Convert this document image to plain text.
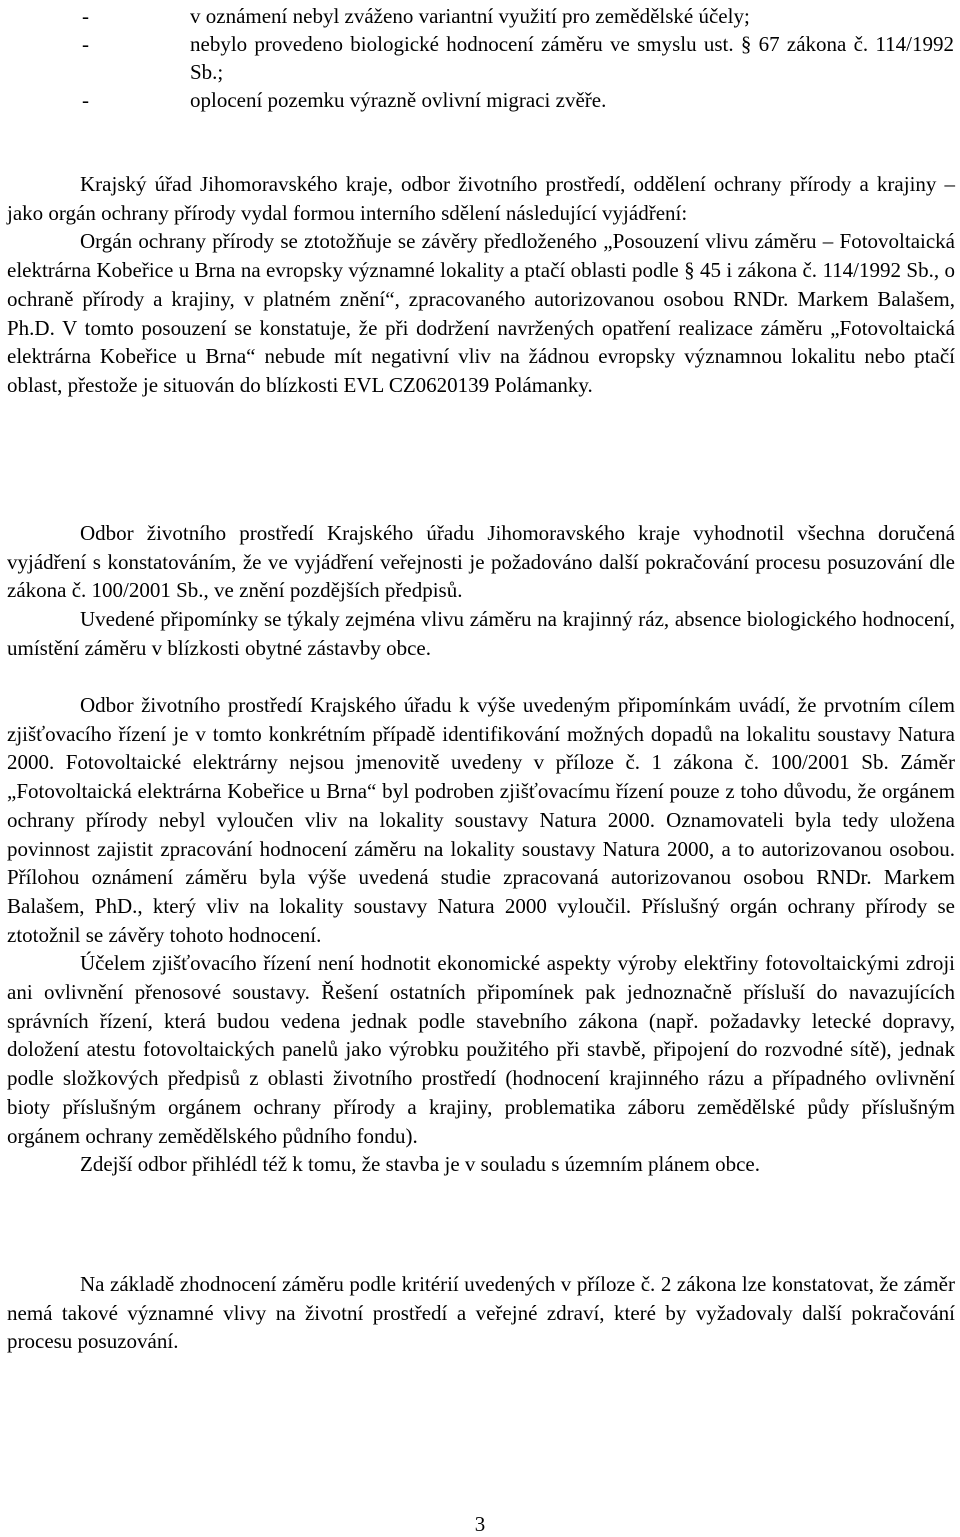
-	v oznámení nebyl zváženo variantní využití pro zemědělské účely;
-	nebylo provedeno biologické hodnocení záměru ve smyslu ust. § 67 zákona č. 114/1992 Sb.;
-	oplocení pozemku výrazně ovlivní migraci zvěře.
Krajský úřad Jihomoravského kraje, odbor životního prostředí, oddělení ochrany přírody a krajiny – jako orgán ochrany přírody vydal formou interního sdělení následující vyjádření:
Orgán ochrany přírody se ztotožňuje se závěry předloženého „Posouzení vlivu záměru – Fotovoltaická elektrárna Kobeřice u Brna na evropsky významné lokality a ptačí oblasti podle § 45 i zákona č. 114/1992 Sb., o ochraně přírody a krajiny, v platném znění“, zpracovaného autorizovanou osobou RNDr. Markem Balašem, Ph.D. V tomto posouzení se konstatuje, že při dodržení navržených opatření realizace záměru „Fotovoltaická elektrárna Kobeřice u Brna“ nebude mít negativní vliv na žádnou evropsky významnou lokalitu nebo ptačí oblast, přestože je situován do blízkosti EVL CZ0620139 Polámanky.
Odbor životního prostředí Krajského úřadu Jihomoravského kraje vyhodnotil všechna doručená vyjádření s konstatováním, že ve vyjádření veřejnosti je požadováno další pokračování procesu posuzování dle zákona č. 100/2001 Sb., ve znění pozdějších předpisů.
Uvedené připomínky se týkaly zejména vlivu záměru na krajinný ráz, absence biologického hodnocení, umístění záměru v blízkosti obytné zástavby obce.
Odbor životního prostředí Krajského úřadu k výše uvedeným připomínkám uvádí, že prvotním cílem zjišťovacího řízení je v tomto konkrétním případě identifikování možných dopadů na lokalitu soustavy Natura 2000. Fotovoltaické elektrárny nejsou jmenovitě uvedeny v příloze č. 1 zákona č. 100/2001 Sb. Záměr „Fotovoltaická elektrárna Kobeřice u Brna“ byl podroben zjišťovacímu řízení pouze z toho důvodu, že orgánem ochrany přírody nebyl vyloučen vliv na lokality soustavy Natura 2000. Oznamovateli byla tedy uložena povinnost zajistit zpracování hodnocení záměru na lokality soustavy Natura 2000, a to autorizovanou osobou. Přílohou oznámení záměru byla výše uvedená studie zpracovaná autorizovanou osobou RNDr. Markem Balašem, PhD., který vliv na lokality soustavy Natura 2000 vyloučil. Příslušný orgán ochrany přírody se ztotožnil se závěry tohoto hodnocení.
Účelem zjišťovacího řízení není hodnotit ekonomické aspekty výroby elektřiny fotovoltaickými zdroji ani ovlivnění přenosové soustavy. Řešení ostatních připomínek pak jednoznačně přísluší do navazujících správních řízení, která budou vedena jednak podle stavebního zákona (např. požadavky letecké dopravy, doložení atestu fotovoltaických panelů jako výrobku použitého při stavbě, připojení do rozvodné sítě), jednak podle složkových předpisů z oblasti životního prostředí (hodnocení krajinného rázu a případného ovlivnění bioty příslušným orgánem ochrany přírody a krajiny, problematika záboru zemědělské půdy příslušným orgánem ochrany zemědělského půdního fondu).
Zdejší odbor přihlédl též k tomu, že stavba je v souladu s územním plánem obce.
Na základě zhodnocení záměru podle kritérií uvedených v příloze č. 2 zákona lze konstatovat, že záměr nemá takové významné vlivy na životní prostředí a veřejné zdraví, které by vyžadovaly další pokračování procesu posuzování.
3
